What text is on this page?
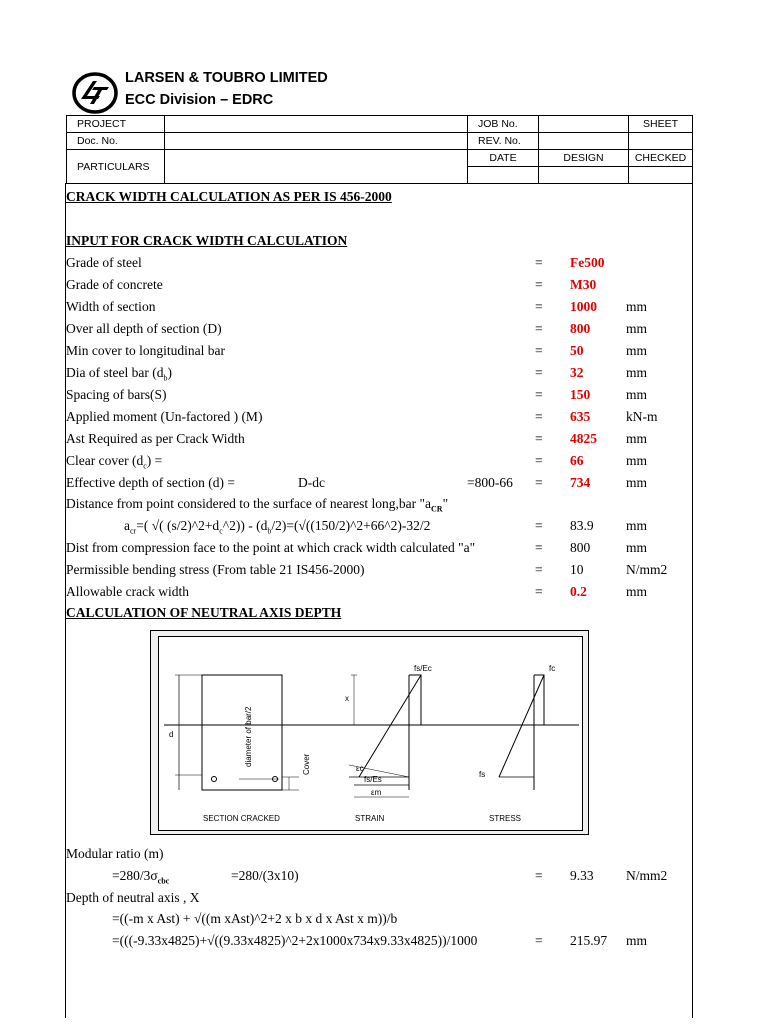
LARSEN & TOUBRO LIMITED
ECC Division – EDRC
PROJECT		JOB No.		SHEET
Doc. No.		REV. No.		
PARTICULARS		DATE	DESIGN	CHECKED

CRACK WIDTH CALCULATION AS PER IS 456-2000
INPUT FOR CRACK WIDTH CALCULATION
Grade of steel	= Fe500
Grade of concrete	= M30
Width of section	= 1000 mm
Over all depth of section (D)	= 800	mm
Min cover to longitudinal bar	= 50	mm
Dia of steel bar $(d_b)$	= 32	mm
Spacing of bars(S)	= 150	mm
Applied moment (Un-factored ) (M)	= 635	kN-m
Ast Required as per Crack Width	= 4825 mm
Clear cover $(d_c)$ =	= 66	mm
Effective depth of section (d) =	D-dc	=800-66 = 734	mm
Distance from point considered to the surface of nearest long,bar "$a_{CR}$"
$a_{cr}=$( √( $(s/2)\^{}2+d_c\^{}2$)) - $(d_b/2)=(√((150/2)\^{}2+66\^{}2)-32/2$	= 83.9 mm
Dist from compression face to the point at which crack width calculated "a"	= 800	mm
Permissible bending stress (From table 21 IS456-2000)	= 10	N/mm2
Allowable crack width	= 0.2	mm
CALCULATION OF NEUTRAL AXIS DEPTH
SECTION CRACKED	STRAIN	STRESS
fs/Ec	fc
fs
x
d
εc
fs/Es
εm
diameter of bar/2	Cover
Modular ratio (m)
$=280/3\sigma_{cbc}$	=280/(3x10)	= 9.33 N/mm2
Depth of neutral axis , X
=((-m x Ast) + √((m xAst)^2+2 x b x d x Ast x m))/b
=(((-9.33x4825)+√((9.33x4825)^2+2x1000x734x9.33x4825))/1000	= 215.97 mm
